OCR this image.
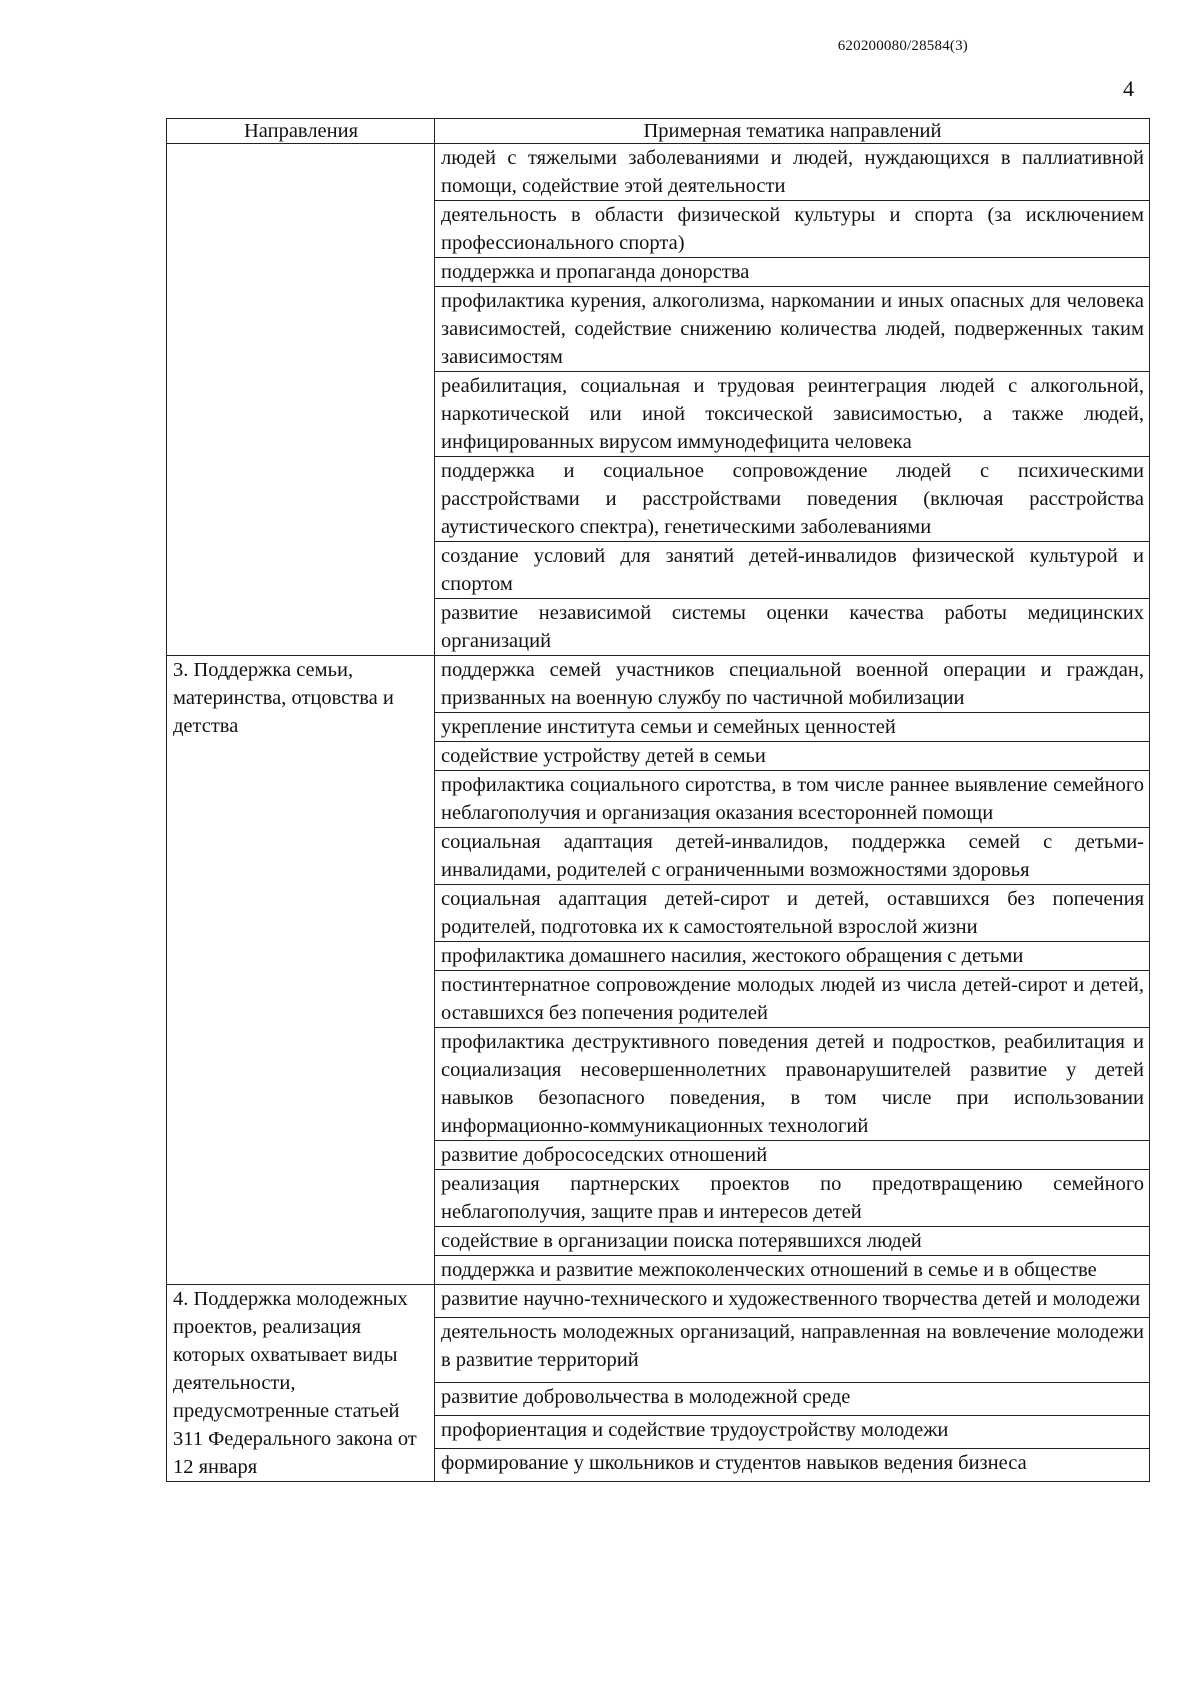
620200080/28584(3)
4
Направления	Примерная тематика направлений
	людей с тяжелыми заболеваниями и людей, нуждающихся в паллиативной помощи, содействие этой деятельности
	деятельность в области физической культуры и спорта (за исключением профессионального спорта)
	поддержка и пропаганда донорства
	профилактика курения, алкоголизма, наркомании и иных опасных для человека зависимостей, содействие снижению количества людей, подверженных таким зависимостям
	реабилитация, социальная и трудовая реинтеграция людей с алкогольной, наркотической или иной токсической зависимостью, а также людей, инфицированных вирусом иммунодефицита человека
	поддержка и социальное сопровождение людей с психическими расстройствами и расстройствами поведения (включая расстройства аутистического спектра), генетическими заболеваниями
	создание условий для занятий детей-инвалидов физической культурой и спортом
	развитие независимой системы оценки качества работы медицинских организаций
3. Поддержка семьи, материнства, отцовства и детства	поддержка семей участников специальной военной операции и граждан, призванных на военную службу по частичной мобилизации
	укрепление института семьи и семейных ценностей
	содействие устройству детей в семьи
	профилактика социального сиротства, в том числе раннее выявление семейного неблагополучия и организация оказания всесторонней помощи
	социальная адаптация детей-инвалидов, поддержка семей с детьми-инвалидами, родителей с ограниченными возможностями здоровья
	социальная адаптация детей-сирот и детей, оставшихся без попечения родителей, подготовка их к самостоятельной взрослой жизни
	профилактика домашнего насилия, жестокого обращения с детьми
	постинтернатное сопровождение молодых людей из числа детей-сирот и детей, оставшихся без попечения родителей
	профилактика деструктивного поведения детей и подростков, реабилитация и социализация несовершеннолетних правонарушителей развитие у детей навыков безопасного поведения, в том числе при использовании информационно-коммуникационных технологий
	развитие добрососедских отношений
	реализация партнерских проектов по предотвращению семейного неблагополучия, защите прав и интересов детей
	содействие в организации поиска потерявшихся людей
	поддержка и развитие межпоколенческих отношений в семье и в обществе
4. Поддержка молодежных проектов, реализация которых охватывает виды деятельности, предусмотренные статьей 311 Федерального закона от 12 января	развитие научно-технического и художественного творчества детей и молодежи
	деятельность молодежных организаций, направленная на вовлечение молодежи в развитие территорий
	развитие добровольчества в молодежной среде
	профориентация и содействие трудоустройству молодежи
	формирование у школьников и студентов навыков ведения бизнеса
